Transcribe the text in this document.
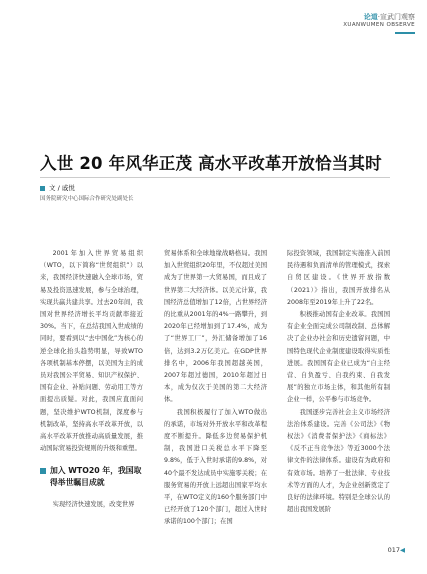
论道·宣武门观察
XUANWUMEN OBSERVE
入世 20 年风华正茂 高水平改革开放恰当其时
文 / 戚悦
国务院研究中心国际合作研究处副处长

2001年加入世界贸易组织（WTO，以下简称“世贸组织”）以来，我国经济快速融入全球市场，贸易及投资迅速发展，参与全球治理，实现共赢共建共享。过去20年间，我国对世界经济增长平均贡献率接近30%。当下，在总结我国入世成绩的同时，要看到以“去中国化”为核心的逆全球化抬头趋势明显，导致WTO各项机制基本停摆，以美国为主的成员对我国公平贸易、知识产权保护、国有企业、补贴问题、劳动用工等方面提出质疑。对此，我国应直面问题，坚决维护WTO机制，深度参与机制改革，坚持高水平改革开放，以高水平改革开放推动高质量发展，推动国际贸易投资规则的升级和重塑。

加入 WTO20 年，我国取得举世瞩目成就

实现经济快速发展，改变世界

贸易体系和全球地缘战略格局。我国加入世贸组织20年里，不仅超过美国成为了世界第一大贸易国，而且成了世界第二大经济体。以美元计算，我国经济总值增加了12倍，占世界经济的比重从2001年的4%一路攀升，到2020年已经增加到了17.4%，成为了“世界工厂”，外汇储备增加了16倍，达到3.2万亿美元。在GDP世界排名中，2006年我国超越英国，2007年超过德国，2010年超过日本，成为仅次于美国的第二大经济体。

我国积极履行了加入WTO做出的承诺，市场对外开放水平和改革程度不断提升。降低多边贸易保护机制，我国进口关税总水平下降至9.8%，低于入世时承诺的9.8%，对40个最不发达成员中实施零关税；在服务贸易的开放上远超出国家平均水平，在WTO定义的160个服务部门中已经开放了120个部门，超过入世时承诺的100个部门；在国

际投资领域，我国制定实施准入前国民待遇和负面清单的管理模式，探索自贸区建设。《世界开放指数（2021）》指出，我国开放排名从2008年至2019年上升了22名。

积极推动国有企业改革。我国国有企业全面完成公司制改制、总体解决了企业办社会和历史遗留问题，中国特色现代企业制度建设取得实质性进展。我国国有企业已成为“自主经营、自负盈亏、自我约束、自我发展”的独立市场主体，和其他所有制企业一样，公平参与市场竞争。

我国逐步完善社会主义市场经济法治体系建设。完善《公司法》《物权法》《消费者保护法》《商标法》《反不正当竞争法》等近3000个法律文件的法律体系。建设有为政府和有效市场。培养了一批法律、专业技术等方面的人才，为企业创新奠定了良好的法律环境。特别是全球公认的超出我国发展阶

017◀
